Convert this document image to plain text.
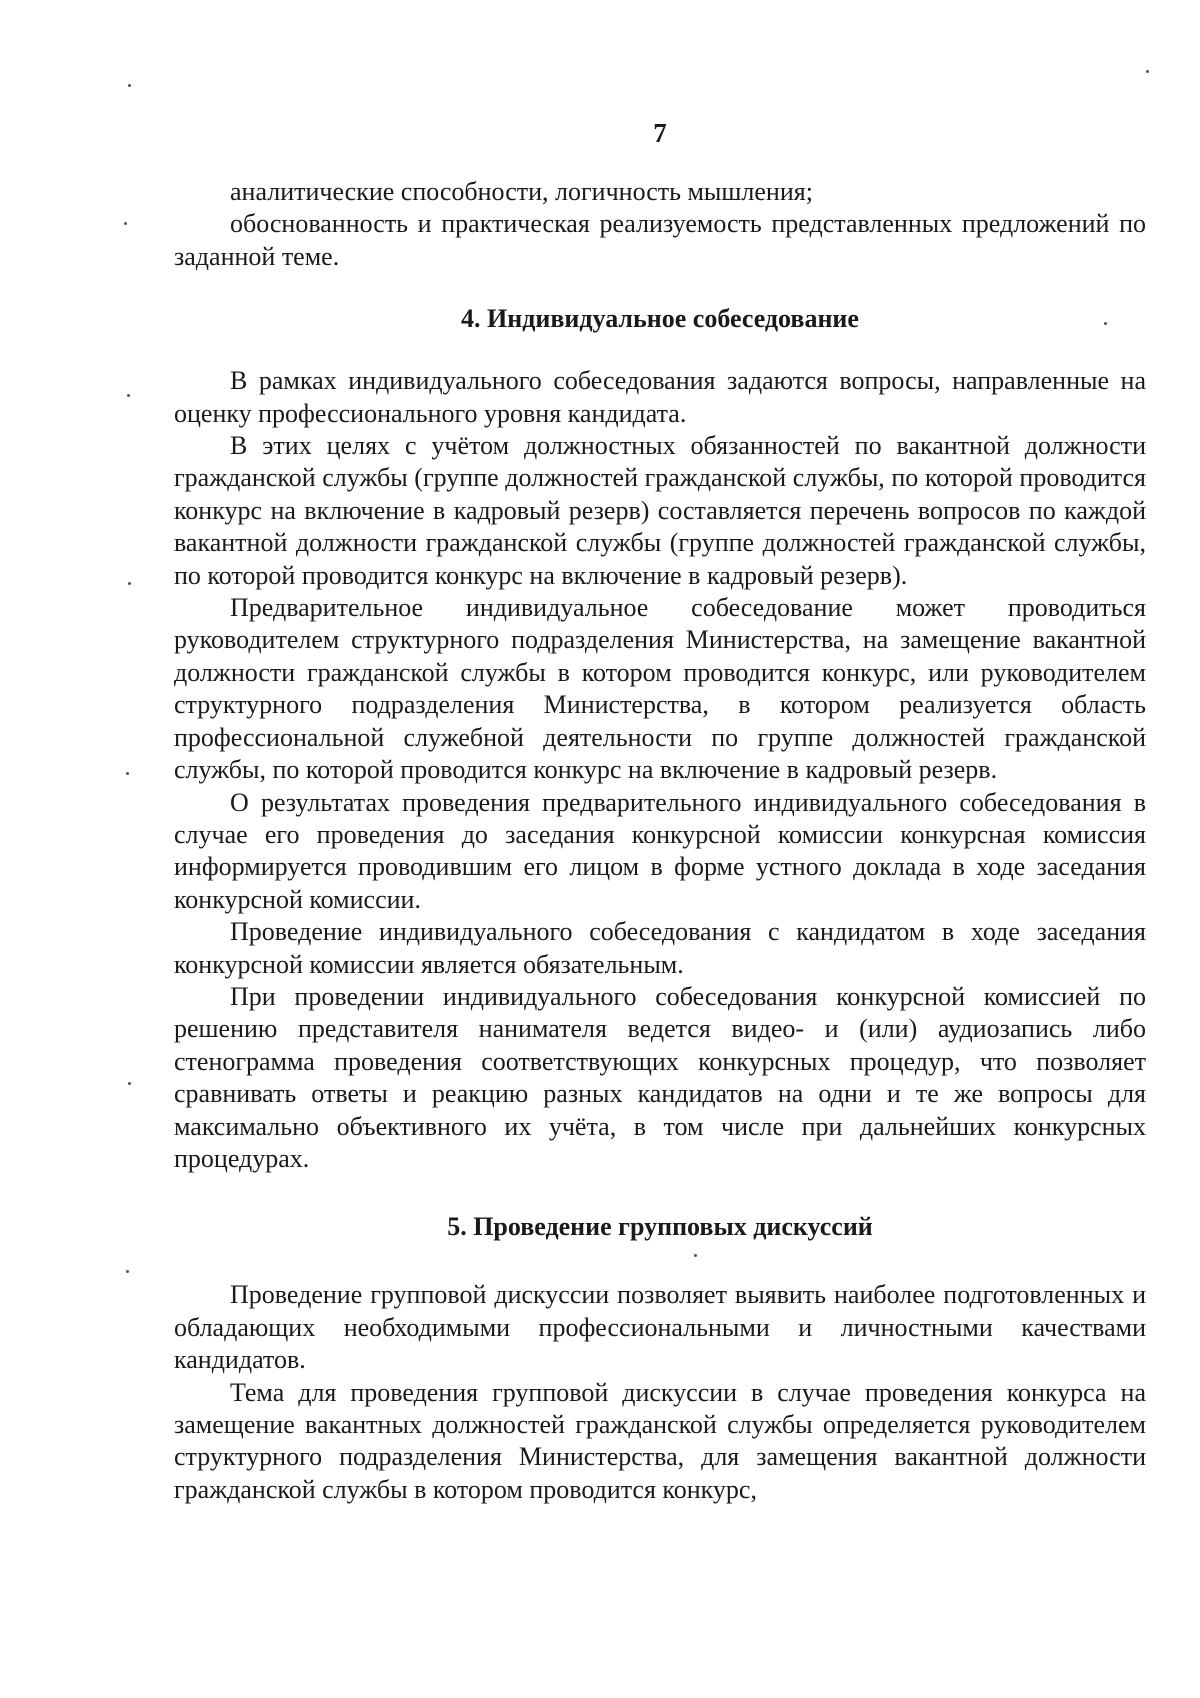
7

аналитические способности, логичность мышления;

обоснованность и практическая реализуемость представленных предложений по заданной теме.

4. Индивидуальное собеседование

В рамках индивидуального собеседования задаются вопросы, направленные на оценку профессионального уровня кандидата.

В этих целях с учётом должностных обязанностей по вакантной должности гражданской службы (группе должностей гражданской службы, по которой проводится конкурс на включение в кадровый резерв) составляется перечень вопросов по каждой вакантной должности гражданской службы (группе должностей гражданской службы, по которой проводится конкурс на включение в кадровый резерв).

Предварительное индивидуальное собеседование может проводиться руководителем структурного подразделения Министерства, на замещение вакантной должности гражданской службы в котором проводится конкурс, или руководителем структурного подразделения Министерства, в котором реализуется область профессиональной служебной деятельности по группе должностей гражданской службы, по которой проводится конкурс на включение в кадровый резерв.

О результатах проведения предварительного индивидуального собеседования в случае его проведения до заседания конкурсной комиссии конкурсная комиссия информируется проводившим его лицом в форме устного доклада в ходе заседания конкурсной комиссии.

Проведение индивидуального собеседования с кандидатом в ходе заседания конкурсной комиссии является обязательным.

При проведении индивидуального собеседования конкурсной комиссией по решению представителя нанимателя ведется видео- и (или) аудиозапись либо стенограмма проведения соответствующих конкурсных процедур, что позволяет сравнивать ответы и реакцию разных кандидатов на одни и те же вопросы для максимально объективного их учёта, в том числе при дальнейших конкурсных процедурах.

5. Проведение групповых дискуссий

Проведение групповой дискуссии позволяет выявить наиболее подготовленных и обладающих необходимыми профессиональными и личностными качествами кандидатов.

Тема для проведения групповой дискуссии в случае проведения конкурса на замещение вакантных должностей гражданской службы определяется руководителем структурного подразделения Министерства, для замещения вакантной должности гражданской службы в котором проводится конкурс,
